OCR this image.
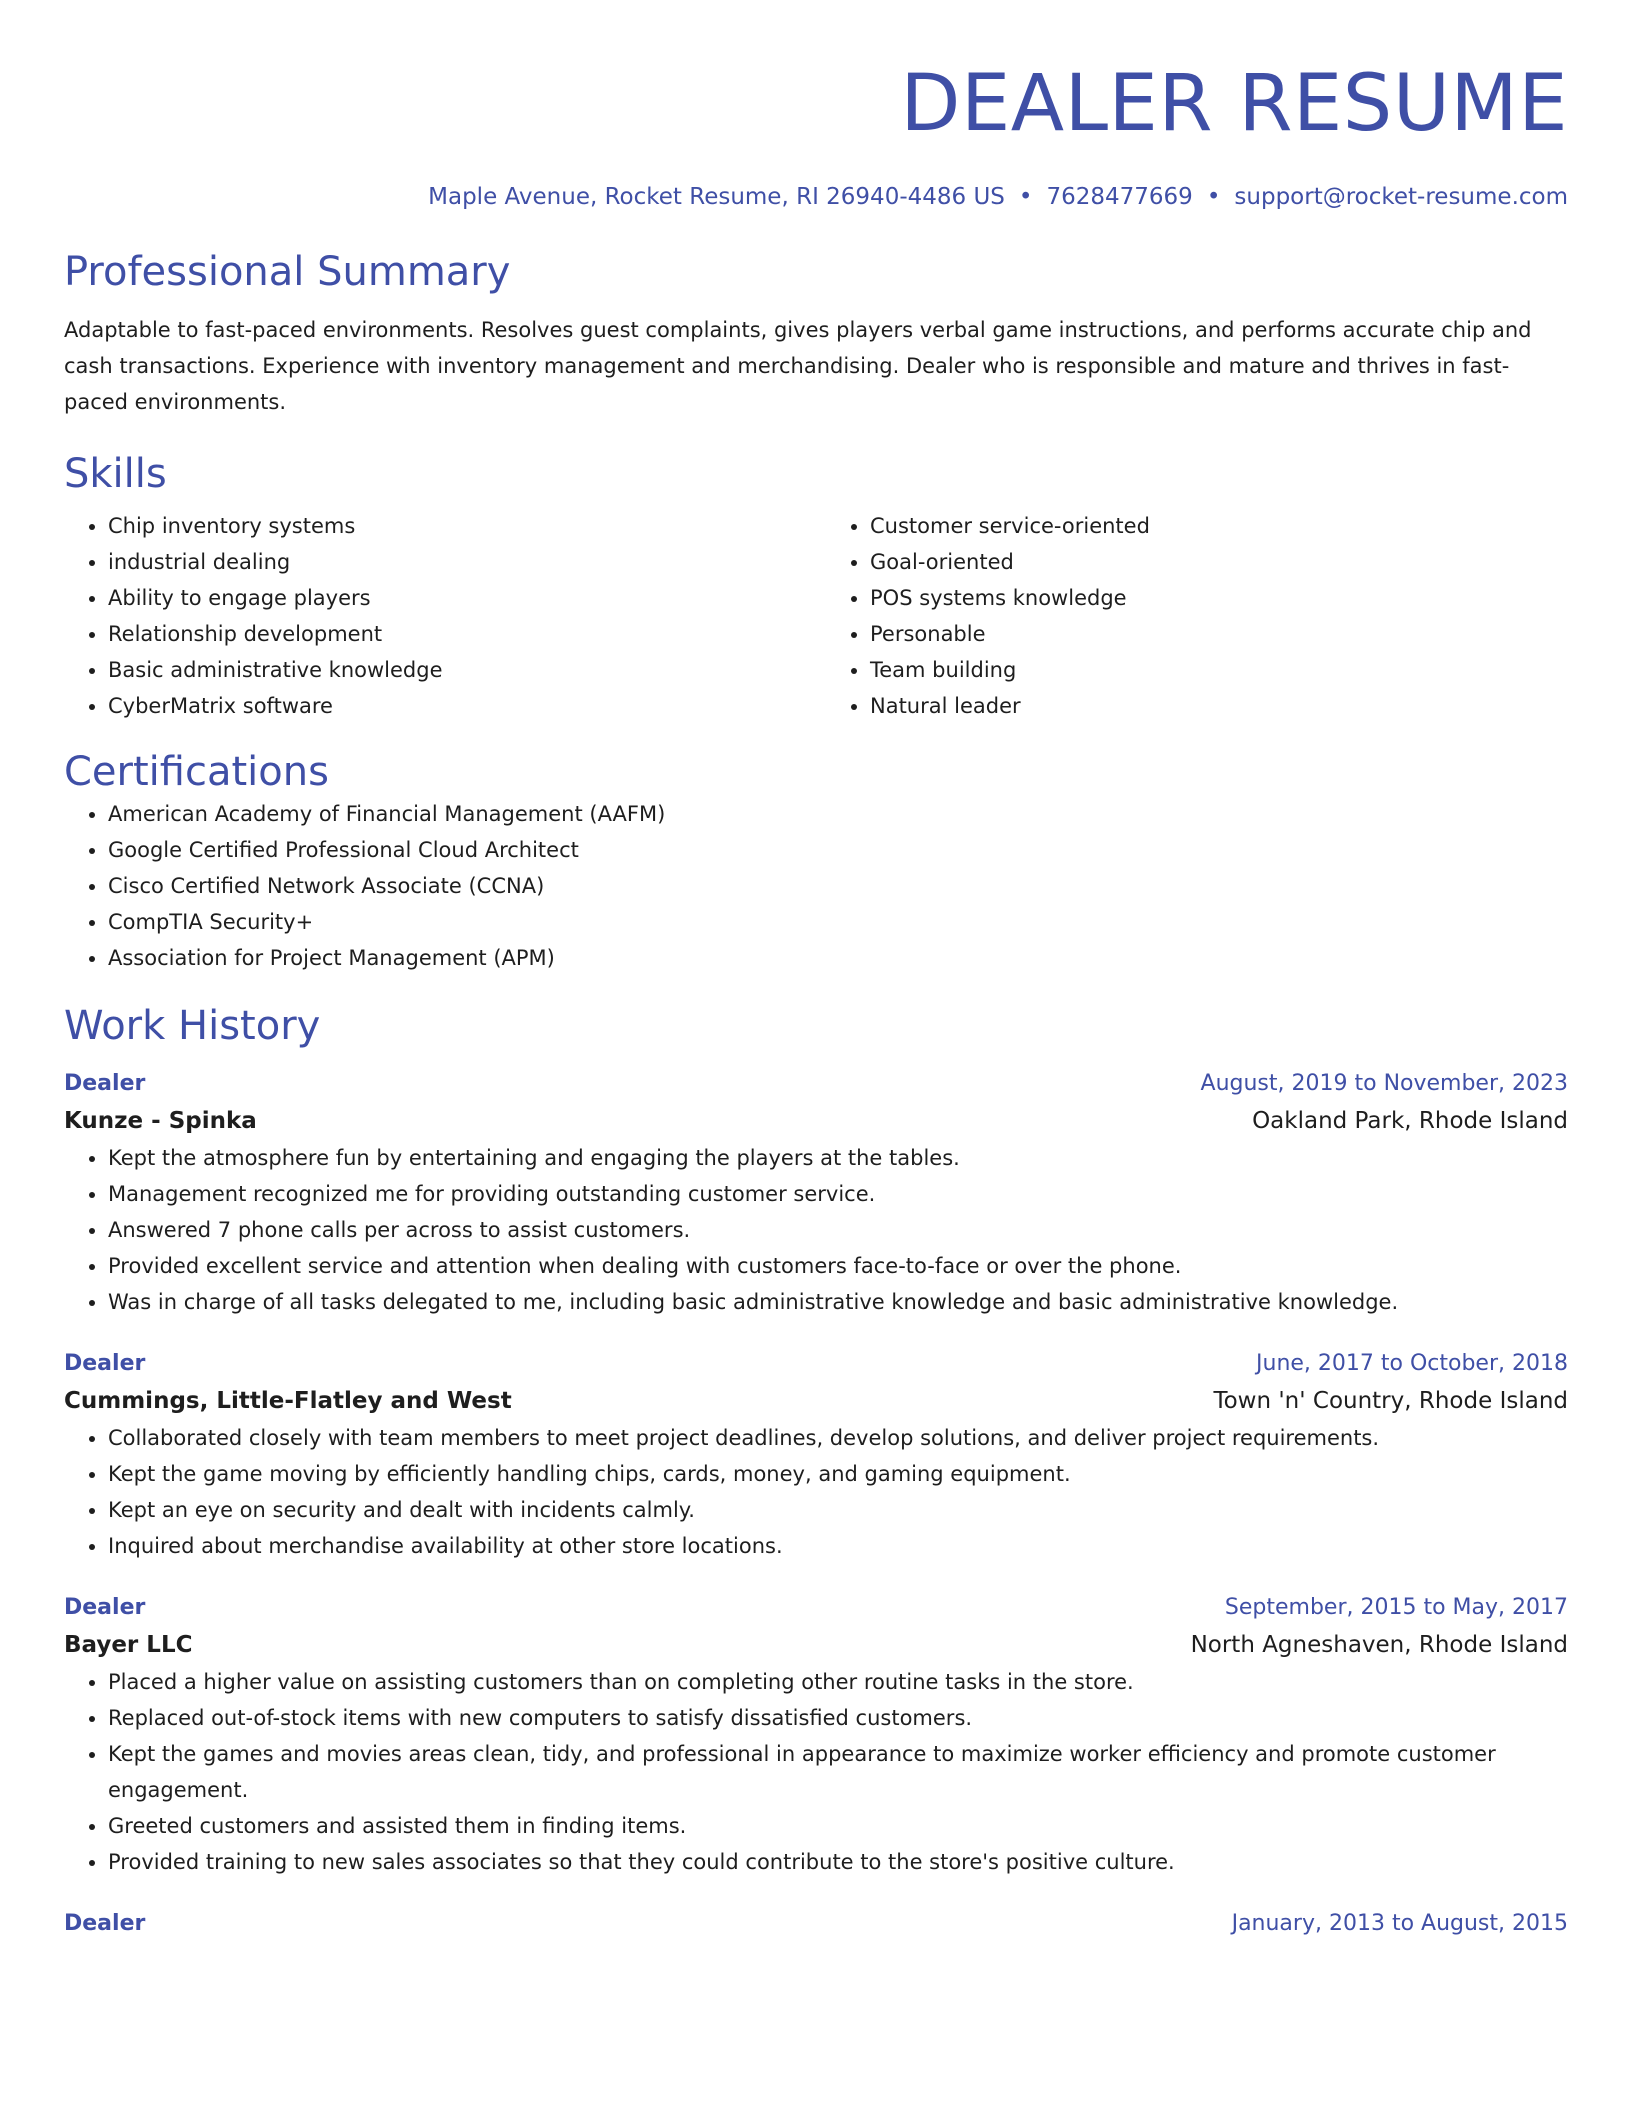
DEALER RESUME
Maple Avenue, Rocket Resume, RI 26940-4486 US • 7628477669 • support@rocket-resume.com
Professional Summary

Adaptable to fast-paced environments. Resolves guest complaints, gives players verbal game instructions, and performs accurate chip and cash transactions. Experience with inventory management and merchandising. Dealer who is responsible and mature and thrives in fast-paced environments.

Skills
• Chip inventory systems
• industrial dealing
• Ability to engage players
• Relationship development
• Basic administrative knowledge
• CyberMatrix software
• Customer service-oriented
• Goal-oriented
• POS systems knowledge
• Personable
• Team building
• Natural leader
Certifications
• American Academy of Financial Management (AAFM)
• Google Certified Professional Cloud Architect
• Cisco Certified Network Associate (CCNA)
• CompTIA Security+
• Association for Project Management (APM)
Work History
Dealer	August, 2019 to November, 2023
Kunze - Spinka	Oakland Park, Rhode Island
• Kept the atmosphere fun by entertaining and engaging the players at the tables.
• Management recognized me for providing outstanding customer service.
• Answered 7 phone calls per across to assist customers.
• Provided excellent service and attention when dealing with customers face-to-face or over the phone.
• Was in charge of all tasks delegated to me, including basic administrative knowledge and basic administrative knowledge.
Dealer	June, 2017 to October, 2018
Cummings, Little-Flatley and West	Town 'n' Country, Rhode Island
• Collaborated closely with team members to meet project deadlines, develop solutions, and deliver project requirements.
• Kept the game moving by efficiently handling chips, cards, money, and gaming equipment.
• Kept an eye on security and dealt with incidents calmly.
• Inquired about merchandise availability at other store locations.
Dealer	September, 2015 to May, 2017
Bayer LLC	North Agneshaven, Rhode Island
• Placed a higher value on assisting customers than on completing other routine tasks in the store.
• Replaced out-of-stock items with new computers to satisfy dissatisfied customers.
• Kept the games and movies areas clean, tidy, and professional in appearance to maximize worker efficiency and promote customer engagement.
• Greeted customers and assisted them in finding items.
• Provided training to new sales associates so that they could contribute to the store's positive culture.
Dealer	January, 2013 to August, 2015
